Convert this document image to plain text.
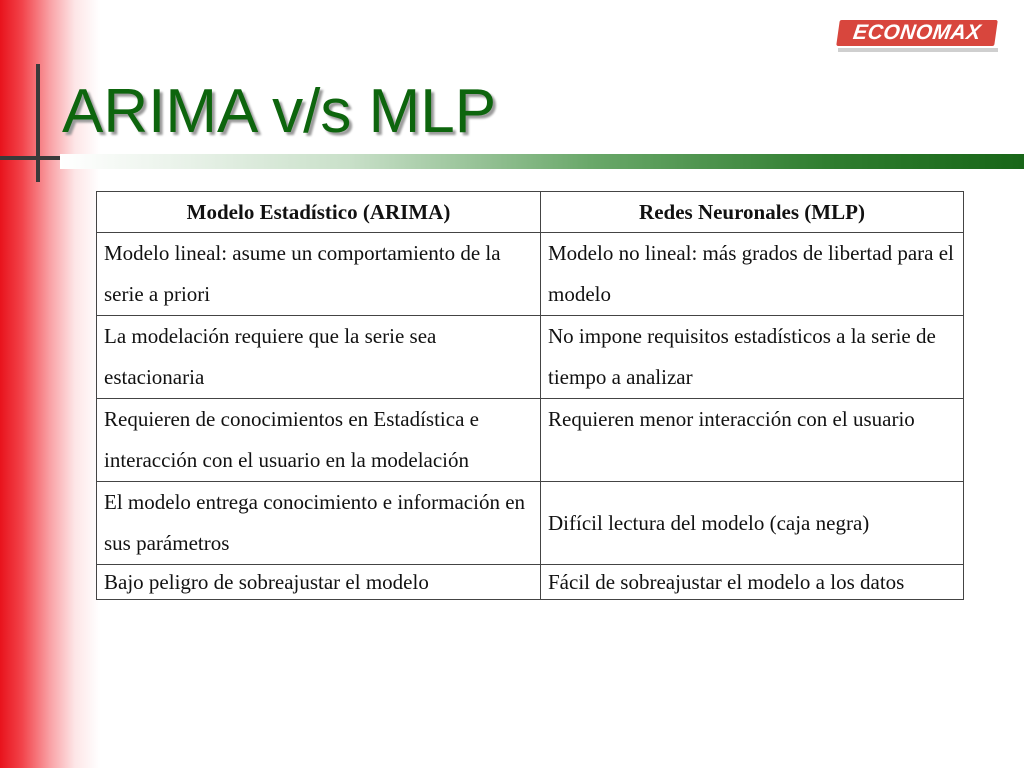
ARIMA v/s MLP
ECONOMAX
Modelo Estadístico (ARIMA)	Redes Neuronales (MLP)
Modelo lineal: asume un comportamiento de la serie a priori	Modelo no lineal: más grados de libertad para el modelo
La modelación requiere que la serie sea estacionaria	No impone requisitos estadísticos a la serie de tiempo a analizar
Requieren de conocimientos en Estadística e interacción con el usuario en la modelación	Requieren menor interacción con el usuario
El modelo entrega conocimiento e información en sus parámetros	Difícil lectura del modelo (caja negra)
Bajo peligro de sobreajustar el modelo	Fácil de sobreajustar el modelo a los datos
